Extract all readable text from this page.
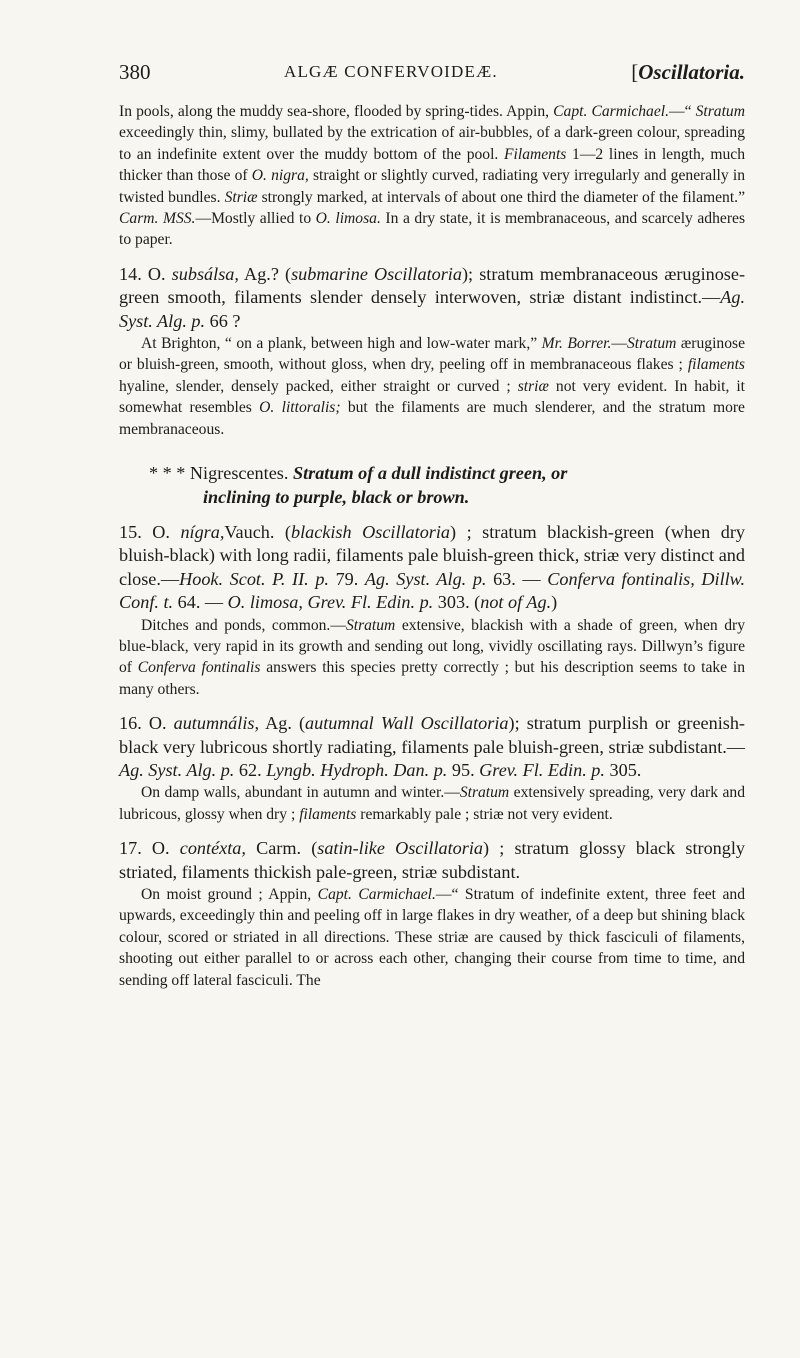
380	ALGÆ CONFERVOIDEÆ.	[Oscillatoria.

In pools, along the muddy sea-shore, flooded by spring-tides. Appin, Capt. Carmichael.—“ Stratum exceedingly thin, slimy, bullated by the extrication of air-bubbles, of a dark-green colour, spreading to an indefinite extent over the muddy bottom of the pool. Filaments 1—2 lines in length, much thicker than those of O. nigra, straight or slightly curved, radiating very irregularly and generally in twisted bundles. Striæ strongly marked, at intervals of about one third the diameter of the filament.” Carm. MSS.—Mostly allied to O. limosa. In a dry state, it is membranaceous, and scarcely adheres to paper.

14. O. subsálsa, Ag.? (submarine Oscillatoria); stratum membranaceous æruginose-green smooth, filaments slender densely interwoven, striæ distant indistinct.—Ag. Syst. Alg. p. 66 ?

At Brighton, “ on a plank, between high and low-water mark,” Mr. Borrer.—Stratum æruginose or bluish-green, smooth, without gloss, when dry, peeling off in membranaceous flakes ; filaments hyaline, slender, densely packed, either straight or curved ; striæ not very evident. In habit, it somewhat resembles O. littoralis; but the filaments are much slenderer, and the stratum more membranaceous.

* * * Nigrescentes. Stratum of a dull indistinct green, or
inclining to purple, black or brown.

15. O. nígra,Vauch. (blackish Oscillatoria) ; stratum blackish-green (when dry bluish-black) with long radii, filaments pale bluish-green thick, striæ very distinct and close.—Hook. Scot. P. II. p. 79. Ag. Syst. Alg. p. 63. — Conferva fontinalis, Dillw. Conf. t. 64. — O. limosa, Grev. Fl. Edin. p. 303. (not of Ag.)

Ditches and ponds, common.—Stratum extensive, blackish with a shade of green, when dry blue-black, very rapid in its growth and sending out long, vividly oscillating rays. Dillwyn’s figure of Conferva fontinalis answers this species pretty correctly ; but his description seems to take in many others.

16. O. autumnális, Ag. (autumnal Wall Oscillatoria); stratum purplish or greenish-black very lubricous shortly radiating, filaments pale bluish-green, striæ subdistant.—Ag. Syst. Alg. p. 62. Lyngb. Hydroph. Dan. p. 95. Grev. Fl. Edin. p. 305.

On damp walls, abundant in autumn and winter.—Stratum extensively spreading, very dark and lubricous, glossy when dry ; filaments remarkably pale ; striæ not very evident.

17. O. contéxta, Carm. (satin-like Oscillatoria) ; stratum glossy black strongly striated, filaments thickish pale-green, striæ subdistant.

On moist ground ; Appin, Capt. Carmichael.—“ Stratum of indefinite extent, three feet and upwards, exceedingly thin and peeling off in large flakes in dry weather, of a deep but shining black colour, scored or striated in all directions. These striæ are caused by thick fasciculi of filaments, shooting out either parallel to or across each other, changing their course from time to time, and sending off lateral fasciculi. The
